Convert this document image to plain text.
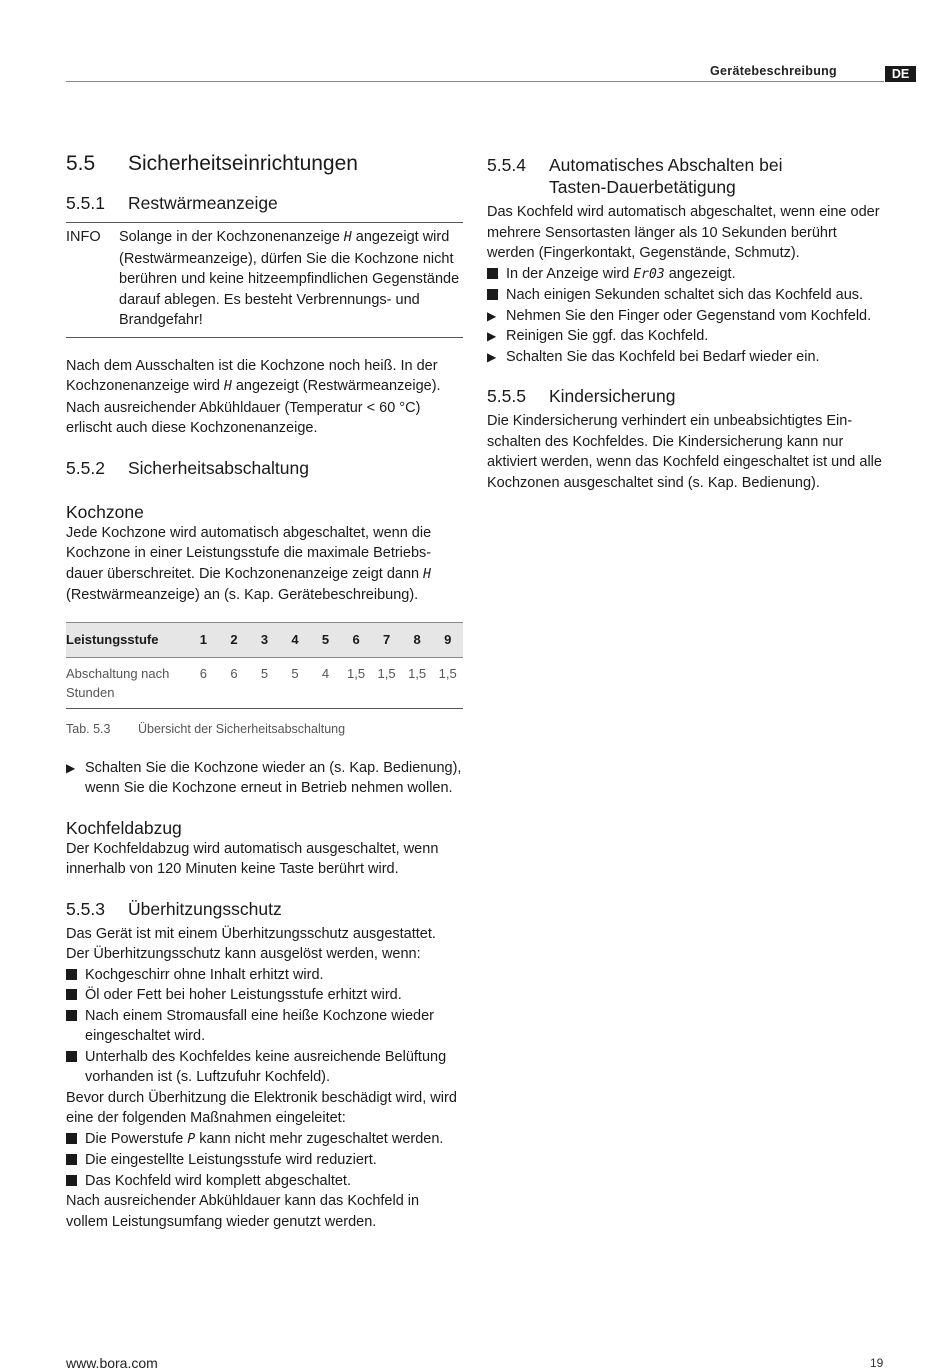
Gerätebeschreibung	DE
5.5 Sicherheitseinrichtungen
5.5.1 Restwärmeanzeige
INFO	Solange in der Kochzonenanzeige H angezeigt wird (Restwärmeanzeige), dürfen Sie die Kochzone nicht berühren und keine hitzeempfindlichen Gegenstände darauf ablegen. Es besteht Verbrennungs- und Brandgefahr!

Nach dem Ausschalten ist die Kochzone noch heiß. In der Kochzonenanzeige wird H angezeigt (Restwärmeanzeige). Nach ausreichender Abkühldauer (Temperatur < 60 °C) erlischt auch diese Kochzonenanzeige.

5.5.2 Sicherheitsabschaltung
Kochzone

Jede Kochzone wird automatisch abgeschaltet, wenn die Kochzone in einer Leistungsstufe die maximale Betriebsdauer überschreitet. Die Kochzonenanzeige zeigt dann H (Restwärmeanzeige) an (s. Kap. Gerätebeschreibung).

Leistungsstufe	1	2	3	4	5	6	7	8	9
Abschaltung nach Stunden	6	6	5	5	4	1,5	1,5	1,5	1,5
Tab. 5.3 Übersicht der Sicherheitsabschaltung
▶ Schalten Sie die Kochzone wieder an (s. Kap. Bedienung), wenn Sie die Kochzone erneut in Betrieb nehmen wollen.
Kochfeldabzug

Der Kochfeldabzug wird automatisch ausgeschaltet, wenn innerhalb von 120 Minuten keine Taste berührt wird.

5.5.3 Überhitzungsschutz

Das Gerät ist mit einem Überhitzungsschutz ausgestattet. Der Überhitzungsschutz kann ausgelöst werden, wenn:

Kochgeschirr ohne Inhalt erhitzt wird.
Öl oder Fett bei hoher Leistungsstufe erhitzt wird.
Nach einem Stromausfall eine heiße Kochzone wieder eingeschaltet wird.
Unterhalb des Kochfeldes keine ausreichende Belüftung vorhanden ist (s. Luftzufuhr Kochfeld).

Bevor durch Überhitzung die Elektronik beschädigt wird, wird eine der folgenden Maßnahmen eingeleitet:

Die Powerstufe P kann nicht mehr zugeschaltet werden.
Die eingestellte Leistungsstufe wird reduziert.
Das Kochfeld wird komplett abgeschaltet.

Nach ausreichender Abkühldauer kann das Kochfeld in vollem Leistungsumfang wieder genutzt werden.

5.5.4 Automatisches Abschalten bei
Tasten-Dauerbetätigung

Das Kochfeld wird automatisch abgeschaltet, wenn eine oder mehrere Sensortasten länger als 10 Sekunden berührt werden (Fingerkontakt, Gegenstände, Schmutz).

In der Anzeige wird Er03 angezeigt.
Nach einigen Sekunden schaltet sich das Kochfeld aus.
▶ Nehmen Sie den Finger oder Gegenstand vom Kochfeld.
▶ Reinigen Sie ggf. das Kochfeld.
▶ Schalten Sie das Kochfeld bei Bedarf wieder ein.
5.5.5 Kindersicherung

Die Kindersicherung verhindert ein unbeabsichtigtes Einschalten des Kochfeldes. Die Kindersicherung kann nur aktiviert werden, wenn das Kochfeld eingeschaltet ist und alle Kochzonen ausgeschaltet sind (s. Kap. Bedienung).

www.bora.com	19
